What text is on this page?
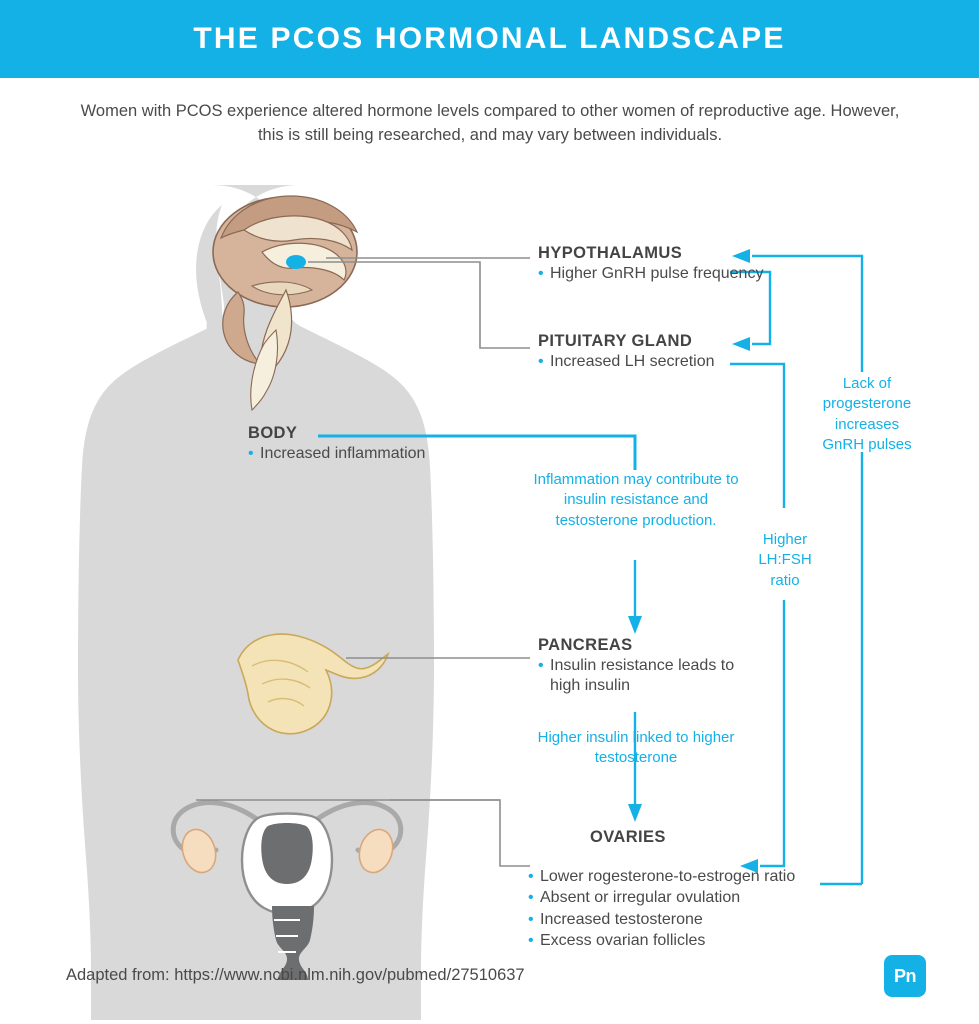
THE PCOS HORMONAL LANDSCAPE
Women with PCOS experience altered hormone levels compared to other women of reproductive age. However, this is still being researched, and may vary between individuals.
HYPOTHALAMUS
• Higher GnRH pulse frequency
PITUITARY GLAND
• Increased LH secretion
BODY
• Increased inflammation
PANCREAS
• Insulin resistance leads to high insulin
OVARIES
• Lower rogesterone-to-estrogen ratio
• Absent or irregular ovulation
• Increased testosterone
• Excess ovarian follicles
Inflammation may contribute to insulin resistance and testosterone production.
Higher insulin linked to higher testosterone
Higher LH:FSH ratio
Lack of progesterone increases GnRH pulses
Adapted from: https://www.ncbi.nlm.nih.gov/pubmed/27510637	Pn
